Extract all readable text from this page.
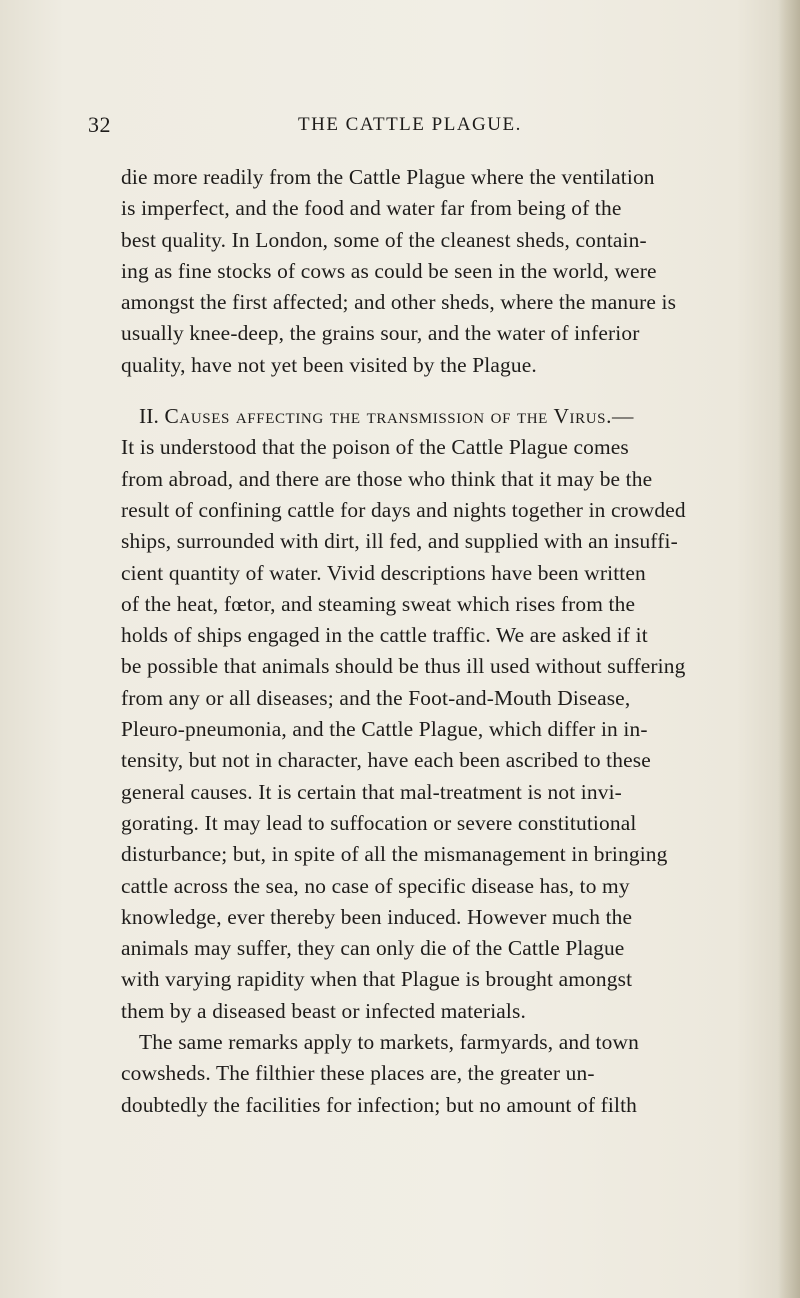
32	THE CATTLE PLAGUE.
die more readily from the Cattle Plague where the ventilation
is imperfect, and the food and water far from being of the
best quality. In London, some of the cleanest sheds, contain-
ing as fine stocks of cows as could be seen in the world, were
amongst the first affected; and other sheds, where the manure is
usually knee-deep, the grains sour, and the water of inferior
quality, have not yet been visited by the Plague.
II. Causes affecting the transmission of the Virus.—
It is understood that the poison of the Cattle Plague comes
from abroad, and there are those who think that it may be the
result of confining cattle for days and nights together in crowded
ships, surrounded with dirt, ill fed, and supplied with an insuffi-
cient quantity of water. Vivid descriptions have been written
of the heat, fœtor, and steaming sweat which rises from the
holds of ships engaged in the cattle traffic. We are asked if it
be possible that animals should be thus ill used without suffering
from any or all diseases; and the Foot-and-Mouth Disease,
Pleuro-pneumonia, and the Cattle Plague, which differ in in-
tensity, but not in character, have each been ascribed to these
general causes. It is certain that mal-treatment is not invi-
gorating. It may lead to suffocation or severe constitutional
disturbance; but, in spite of all the mismanagement in bringing
cattle across the sea, no case of specific disease has, to my
knowledge, ever thereby been induced. However much the
animals may suffer, they can only die of the Cattle Plague
with varying rapidity when that Plague is brought amongst
them by a diseased beast or infected materials.
The same remarks apply to markets, farmyards, and town
cowsheds. The filthier these places are, the greater un-
doubtedly the facilities for infection; but no amount of filth
